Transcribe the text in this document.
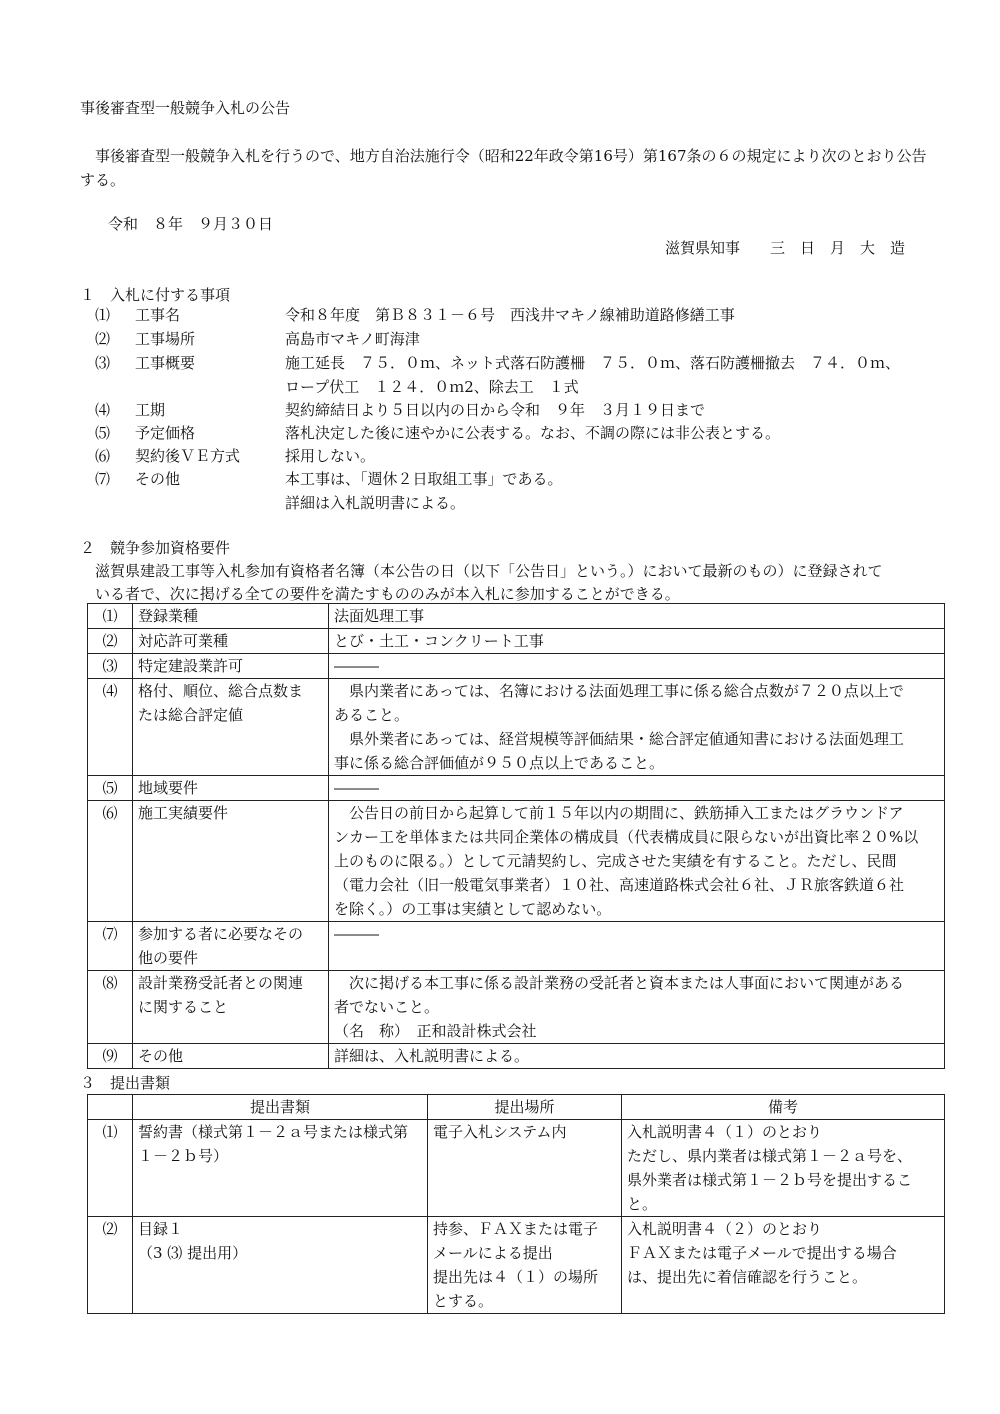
事後審査型一般競争入札の公告
　事後審査型一般競争入札を行うので、地方自治法施行令（昭和22年政令第16号）第167条の６の規定により次のとおり公告
する。
令和　８年　９月３０日
滋賀県知事　　三　日　月　大　造
１　入札に付する事項
⑴ 工事名	令和８年度　第Ｂ８３１－６号　西浅井マキノ線補助道路修繕工事
⑵ 工事場所	高島市マキノ町海津
⑶ 工事概要	施工延長　７５．０ｍ、ネット式落石防護柵　７５．０ｍ、落石防護柵撤去　７４．０ｍ、
ロープ伏工　１２４．０ｍ2、除去工　１式
⑷ 工期	契約締結日より５日以内の日から令和　９年　３月１９日まで
⑸ 予定価格	落札決定した後に速やかに公表する。なお、不調の際には非公表とする。
⑹ 契約後ＶＥ方式	採用しない。
⑺ その他	本工事は、「週休２日取組工事」である。
詳細は入札説明書による。
２　競争参加資格要件
滋賀県建設工事等入札参加有資格者名簿（本公告の日（以下「公告日」という。）において最新のもの）に登録されて
いる者で、次に掲げる全ての要件を満たすもののみが本入札に参加することができる。
⑴	登録業種	法面処理工事
⑵	対応許可業種	とび・土工・コンクリート工事
⑶	特定建設業許可	―――
⑷	格付、順位、総合点数ま
たは総合評定値	　県内業者にあっては、名簿における法面処理工事に係る総合点数が７２０点以上で
あること。
　県外業者にあっては、経営規模等評価結果・総合評定値通知書における法面処理工
事に係る総合評価値が９５０点以上であること。

⑸	地域要件	―――
⑹	施工実績要件	　公告日の前日から起算して前１５年以内の期間に、鉄筋挿入工またはグラウンドア
ンカー工を単体または共同企業体の構成員（代表構成員に限らないが出資比率２０%以
上のものに限る。）として元請契約し、完成させた実績を有すること。ただし、民間
（電力会社（旧一般電気事業者）１０社、高速道路株式会社６社、ＪＲ旅客鉄道６社
を除く。）の工事は実績として認めない。

⑺	参加する者に必要なその
他の要件	―――
⑻	設計業務受託者との関連
に関すること	　次に掲げる本工事に係る設計業務の受託者と資本または人事面において関連がある
者でないこと。
（名　称）　正和設計株式会社

⑼	その他	詳細は、入札説明書による。
３　提出書類
	提出書類	提出場所	備考
⑴	誓約書（様式第１－２ａ号または様式第
１－２ｂ号）	電子入札システム内	入札説明書４（１）のとおり
ただし、県内業者は様式第１－２ａ号を、
県外業者は様式第１－２ｂ号を提出するこ
と。

⑵	目録１
（3 ⑶ 提出用）	持参、ＦＡＸまたは電子
メールによる提出
提出先は４（１）の場所
とする。	入札説明書４（２）のとおり
ＦＡＸまたは電子メールで提出する場合
は、提出先に着信確認を行うこと。
